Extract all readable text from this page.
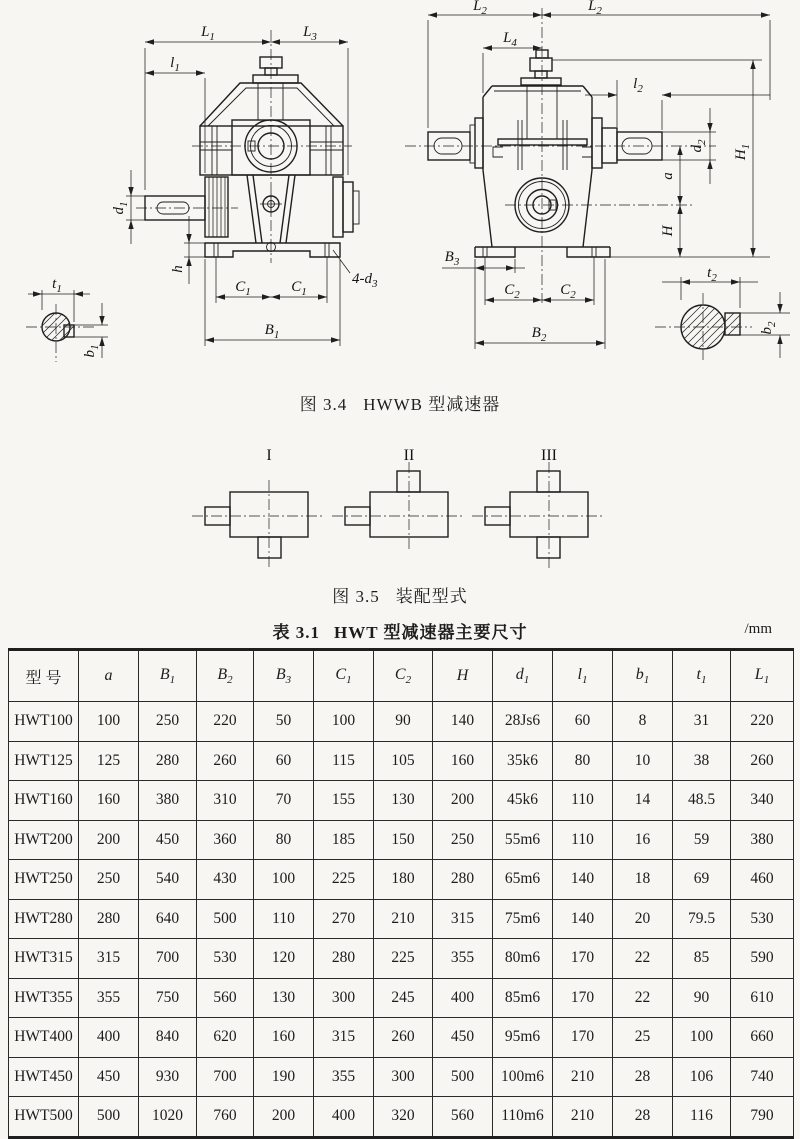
$L_1$	$L_3$
$l_1$
$d_1$
h
$C_1$	$C_1$
$B_1$
$4-d_3$
$t_1$
$b_1$
$L_2$	$L_2$
$L_4$
$l_2$
$d_2$
a
H
$H_1$
$B_3$
$C_2$	$C_2$
$B_2$
$t_2$
$b_2$
图 3.4 HWWB 型减速器
I	II	III
图 3.5 装配型式
表 3.1 HWT 型减速器主要尺寸	/mm
型 号	a	$B_1$	$B_2$	$B_3$	$C_1$	$C_2$	H	$d_1$	$l_1$	$b_1$	$t_1$	$L_1$
HWT100	100	250	220	50	100	90	140	28Js6	60	8	31	220
HWT125	125	280	260	60	115	105	160	35k6	80	10	38	260
HWT160	160	380	310	70	155	130	200	45k6	110	14	48.5	340
HWT200	200	450	360	80	185	150	250	55m6	110	16	59	380
HWT250	250	540	430	100	225	180	280	65m6	140	18	69	460
HWT280	280	640	500	110	270	210	315	75m6	140	20	79.5	530
HWT315	315	700	530	120	280	225	355	80m6	170	22	85	590
HWT355	355	750	560	130	300	245	400	85m6	170	22	90	610
HWT400	400	840	620	160	315	260	450	95m6	170	25	100	660
HWT450	450	930	700	190	355	300	500	100m6	210	28	106	740
HWT500	500	1020	760	200	400	320	560	110m6	210	28	116	790
